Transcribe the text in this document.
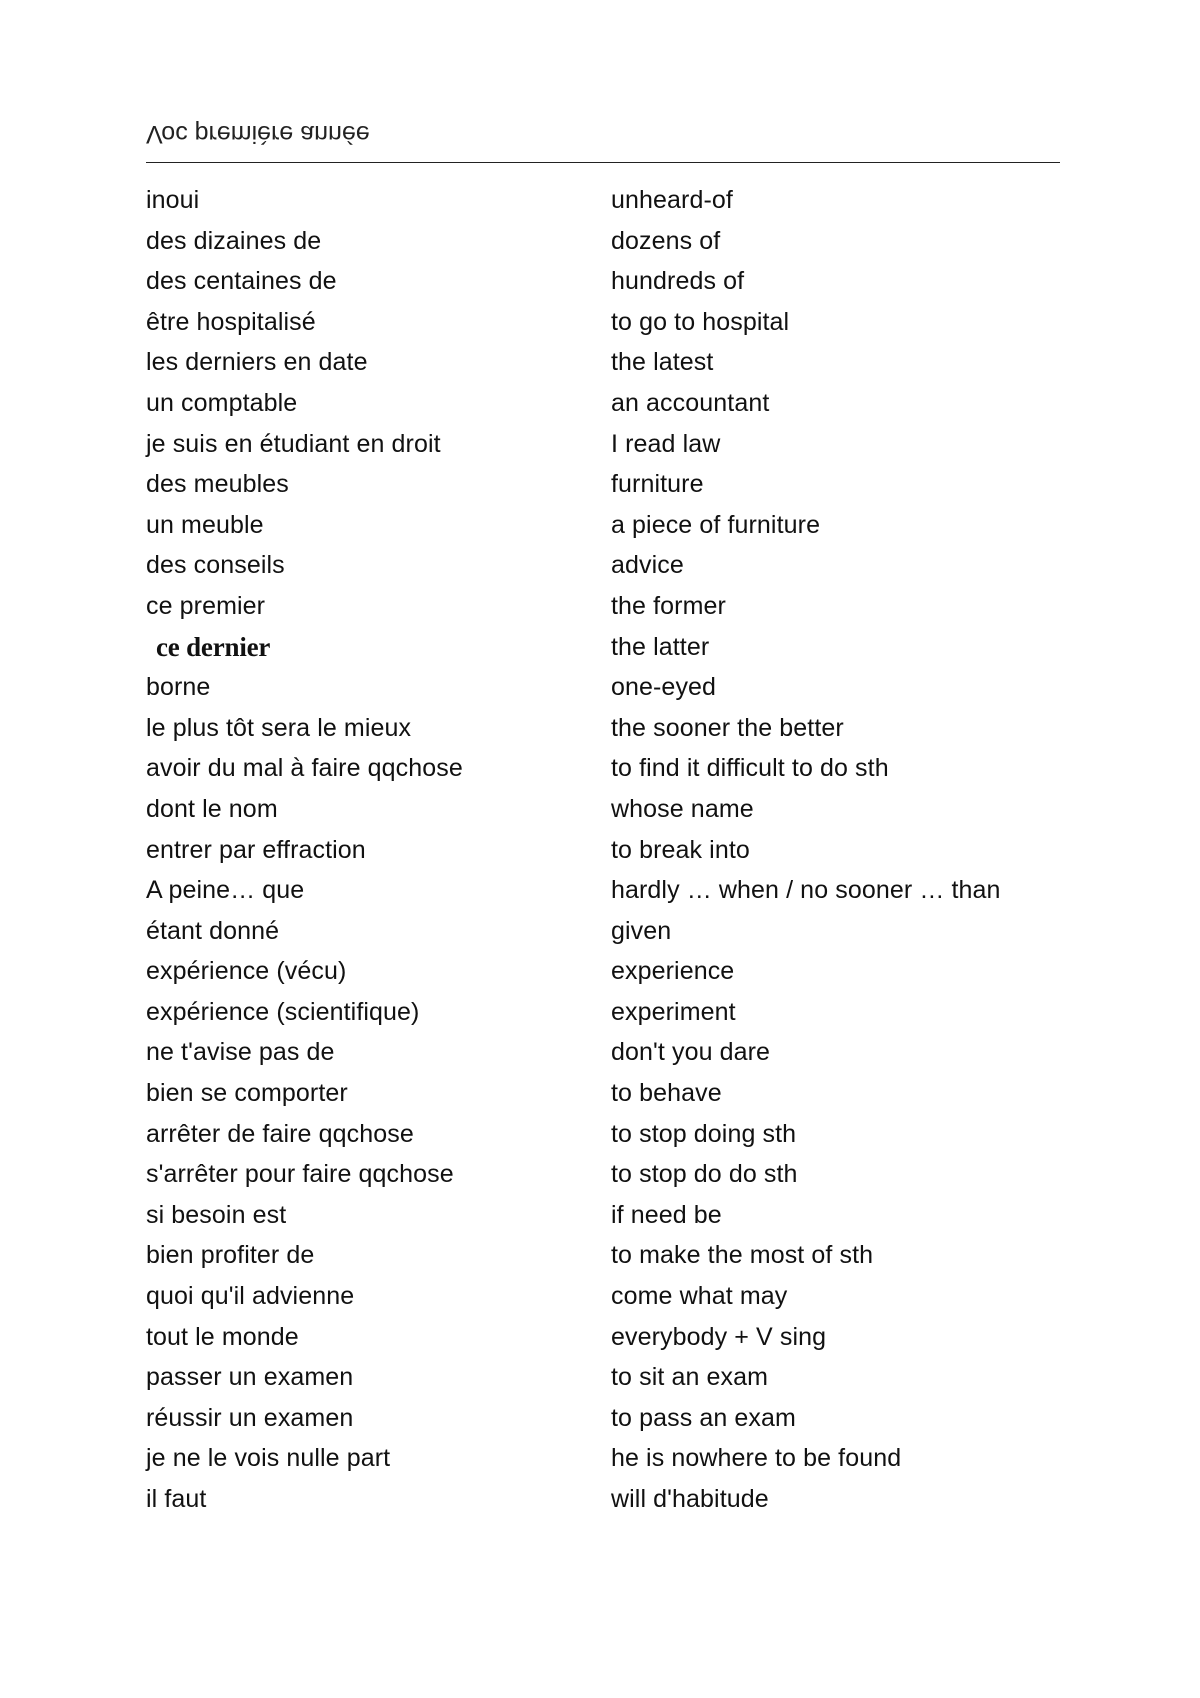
Voc première année
inoui	unheard-of
des dizaines de	dozens of
des centaines de	hundreds of
être hospitalisé	to go to hospital
les derniers en date	the latest
un comptable	an accountant
je suis en étudiant en droit	I read law
des meubles	furniture
un meuble	a piece of furniture
des conseils	advice
ce premier	the former
ce dernier	the latter
borne	one-eyed
le plus tôt sera le mieux	the sooner the better
avoir du mal à faire qqchose	to find it difficult to do sth
dont le nom	whose name
entrer par effraction	to break into
A peine… que	hardly … when / no sooner … than
étant donné	given
expérience (vécu)	experience
expérience (scientifique)	experiment
ne t'avise pas de	don't you dare
bien se comporter	to behave
arrêter de faire qqchose	to stop doing sth
s'arrêter pour faire qqchose	to stop do do sth
si besoin est	if need be
bien profiter de	to make the most of sth
quoi qu'il advienne	come what may
tout le monde	everybody + V sing
passer un examen	to sit an exam
réussir un examen	to pass an exam
je ne le vois nulle part	he is nowhere to be found
il faut	will d'habitude
